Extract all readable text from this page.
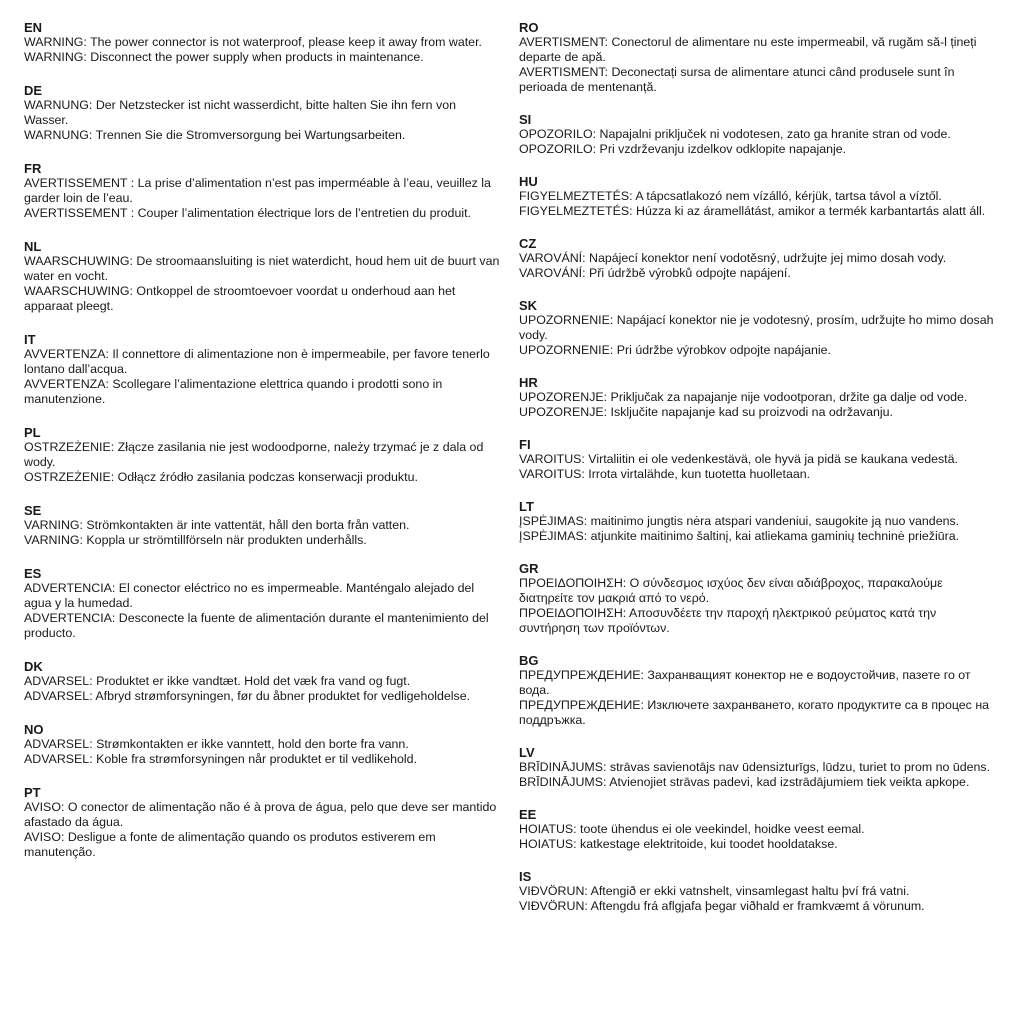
EN

WARNING: The power connector is not waterproof, please keep it away from water.

WARNING: Disconnect the power supply when products in maintenance.

DE

WARNUNG: Der Netzstecker ist nicht wasserdicht, bitte halten Sie ihn fern von Wasser.

WARNUNG: Trennen Sie die Stromversorgung bei Wartungsarbeiten.

FR

AVERTISSEMENT : La prise d’alimentation n’est pas imperméable à l’eau, veuillez la garder loin de l’eau.

AVERTISSEMENT : Couper l’alimentation électrique lors de l’entretien du produit.

NL

WAARSCHUWING: De stroomaansluiting is niet waterdicht, houd hem uit de buurt van water en vocht.

WAARSCHUWING: Ontkoppel de stroomtoevoer voordat u onderhoud aan het apparaat pleegt.

IT

AVVERTENZA: Il connettore di alimentazione non è impermeabile, per favore tenerlo lontano dall’acqua.

AVVERTENZA: Scollegare l’alimentazione elettrica quando i prodotti sono in manutenzione.

PL

OSTRZEŻENIE: Złącze zasilania nie jest wodoodporne, należy trzymać je z dala od wody.

OSTRZEŻENIE: Odłącz źródło zasilania podczas konserwacji produktu.

SE

VARNING: Strömkontakten är inte vattentät, håll den borta från vatten.

VARNING: Koppla ur strömtillförseln när produkten underhålls.

ES

ADVERTENCIA: El conector eléctrico no es impermeable. Manténgalo alejado del agua y la humedad.

ADVERTENCIA: Desconecte la fuente de alimentación durante el mantenimiento del producto.

DK

ADVARSEL: Produktet er ikke vandtæt. Hold det væk fra vand og fugt.

ADVARSEL: Afbryd strømforsyningen, før du åbner produktet for vedligeholdelse.

NO

ADVARSEL: Strømkontakten er ikke vanntett, hold den borte fra vann.

ADVARSEL: Koble fra strømforsyningen når produktet er til vedlikehold.

PT

AVISO: O conector de alimentação não é à prova de água, pelo que deve ser mantido afastado da água.

AVISO: Desligue a fonte de alimentação quando os produtos estiverem em manutenção.

RO

AVERTISMENT: Conectorul de alimentare nu este impermeabil, vă rugăm să-l țineți departe de apă.

AVERTISMENT: Deconectați sursa de alimentare atunci când produsele sunt în perioada de mentenanță.

SI

OPOZORILO: Napajalni priključek ni vodotesen, zato ga hranite stran od vode.

OPOZORILO: Pri vzdrževanju izdelkov odklopite napajanje.

HU

FIGYELMEZTETÉS: A tápcsatlakozó nem vízálló, kérjük, tartsa távol a víztől.

FIGYELMEZTETÉS: Húzza ki az áramellátást, amikor a termék karbantartás alatt áll.

CZ

VAROVÁNÍ: Napájecí konektor není vodotěsný, udržujte jej mimo dosah vody.

VAROVÁNÍ: Při údržbě výrobků odpojte napájení.

SK

UPOZORNENIE: Napájací konektor nie je vodotesný, prosím, udržujte ho mimo dosah vody.

UPOZORNENIE: Pri údržbe výrobkov odpojte napájanie.

HR

UPOZORENJE: Priključak za napajanje nije vodootporan, držite ga dalje od vode.

UPOZORENJE: Isključite napajanje kad su proizvodi na održavanju.

FI

VAROITUS: Virtaliitin ei ole vedenkestävä, ole hyvä ja pidä se kaukana vedestä.

VAROITUS: Irrota virtalähde, kun tuotetta huolletaan.

LT

ĮSPĖJIMAS: maitinimo jungtis nėra atspari vandeniui, saugokite ją nuo vandens.

ĮSPĖJIMAS: atjunkite maitinimo šaltinį, kai atliekama gaminių techninė priežiūra.

GR

ΠΡΟΕΙΔΟΠΟΙΗΣΗ: Ο σύνδεσμος ισχύος δεν είναι αδιάβροχος, παρακαλούμε διατηρείτε τον μακριά από το νερό.

ΠΡΟΕΙΔΟΠΟΙΗΣΗ: Αποσυνδέετε την παροχή ηλεκτρικού ρεύματος κατά την συντήρηση των προϊόντων.

BG

ПРЕДУПРЕЖДЕНИЕ: Захранващият конектор не е водоустойчив, пазете го от вода.

ПРЕДУПРЕЖДЕНИЕ: Изключете захранването, когато продуктите са в процес на поддръжка.

LV

BRĪDINĀJUMS: strāvas savienotājs nav ūdensizturīgs, lūdzu, turiet to prom no ūdens.

BRĪDINĀJUMS: Atvienojiet strāvas padevi, kad izstrādājumiem tiek veikta apkope.

EE

HOIATUS: toote ühendus ei ole veekindel, hoidke veest eemal.

HOIATUS: katkestage elektritoide, kui toodet hooldatakse.

IS

VIÐVÖRUN: Aftengið er ekki vatnshelt, vinsamlegast haltu því frá vatni.

VIÐVÖRUN: Aftengdu frá aflgjafa þegar viðhald er framkvæmt á vörunum.
